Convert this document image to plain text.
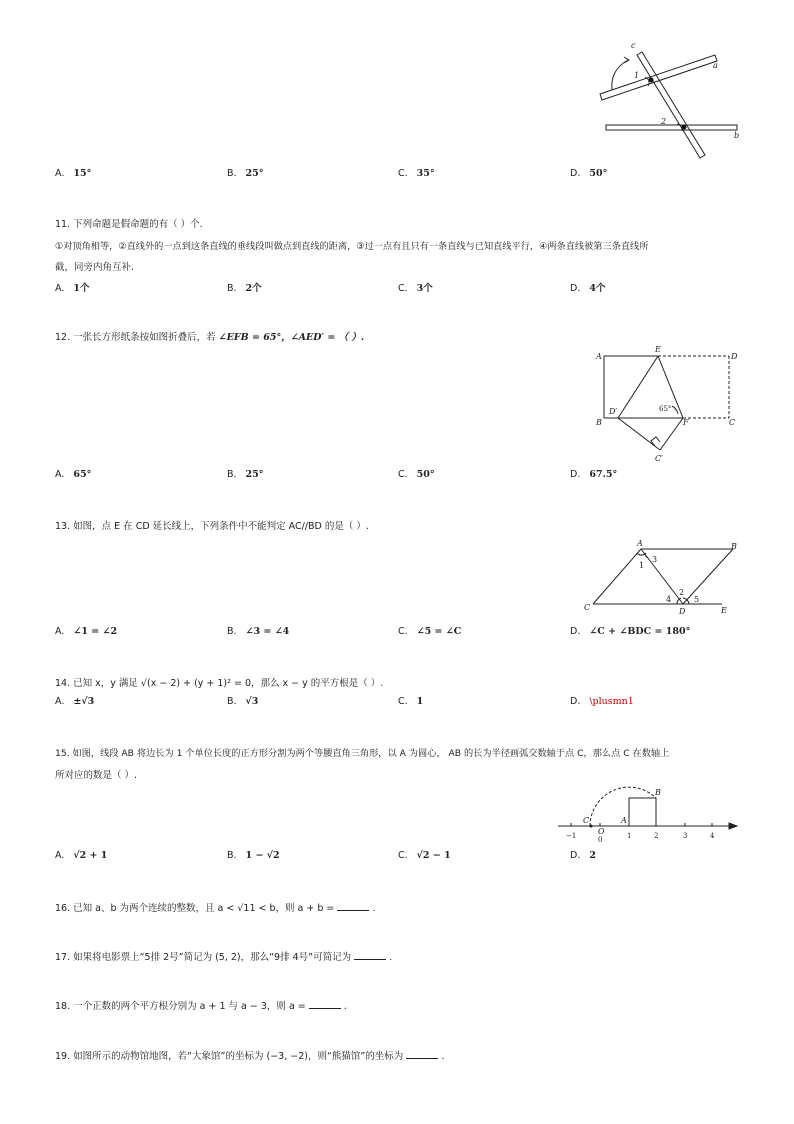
c
a
b
1
2
A. 15°	B. 25°	C. 35°	D. 50°
11. 下列命题是假命题的有（ ）个.
①对顶角相等，②直线外的一点到这条直线的垂线段叫做点到直线的距离，③过一点有且只有一条直线与已知直线平行，④两条直线被第三条直线所
截，同旁内角互补.
A. 1个	B. 2个	C. 3个	D. 4个
12. 一张长方形纸条按如图折叠后，若 ∠EFB = 65°，∠AED′ = （ ）.
A
E
D
B
D′
F	C
C′
65°
A. 65°	B. 25°	C. 50°	D. 67.5°
13. 如图，点 E 在 CD 延长线上，下列条件中不能判定 AC//BD 的是（ ）.
A	B
C	D	E
1
3
2
4	5
A. ∠1 = ∠2	B. ∠3 = ∠4	C. ∠5 = ∠C	D. ∠C + ∠BDC = 180°
14. 已知 x，y 满足 √(x − 2) + (y + 1)² = 0，那么 x − y 的平方根是（ ）.
A. ±√3	B. √3	C. 1	D. \plusmn1
15. 如图，线段 AB 将边长为 1 个单位长度的正方形分割为两个等腰直角三角形，以 A 为圆心， AB 的长为半径画弧交数轴于点 C，那么点 C 在数轴上
所对应的数是（ ）.
B
A
C
O
−1	0	1	2	3	4
A. √2 + 1	B. 1 − √2	C. √2 − 1	D. 2
16. 已知 a、b 为两个连续的整数，且 a < √11 < b，则 a + b =	.
17. 如果将电影票上“5排 2号”简记为 (5, 2)，那么“9排 4号”可简记为	.
18. 一个正数的两个平方根分别为 a + 1 与 a − 3，则 a =	.
19. 如图所示的动物馆地图，若“大象馆”的坐标为 (−3, −2)，则“熊猫馆”的坐标为	.
